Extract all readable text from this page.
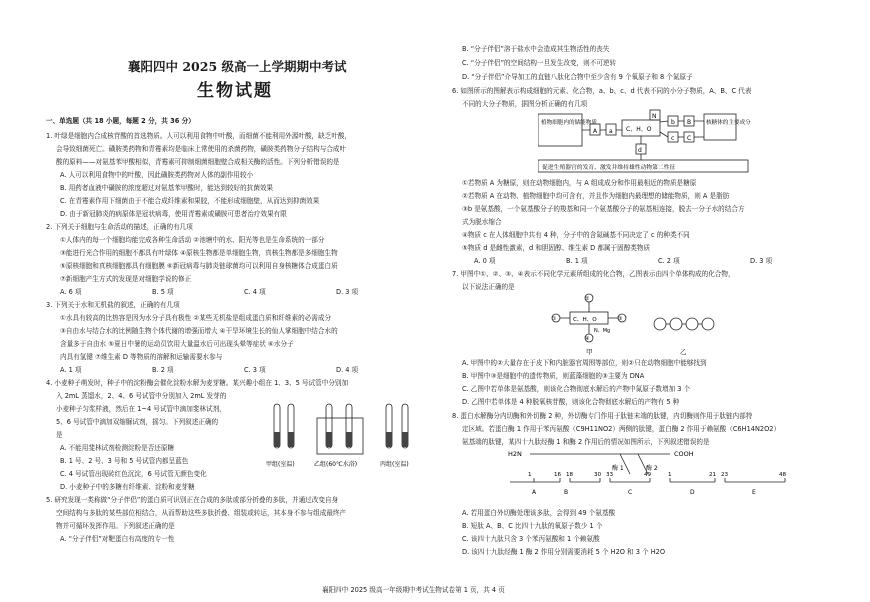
襄阳四中 2025 级高一上学期期中考试
生物试题
一、单选题（共 18 小题，每题 2 分，共 36 分）
1. 叶绿是细胞内合成核苷酸的首选物质。人可以利用食物中叶酸，而细菌不能利用外源叶酸，缺乏叶酸，
会导致细菌死亡。磺胺类药物和青霉素均是临床上常使用的杀菌药物，磺胺类药物分子结构与合成叶
酸的原料——对氨基苯甲酸相似，青霉素可抑制细菌细胞壁合成相关酶的活性。下列分析错误的是
A. 人可以利用食物中的叶酸，因此磺胺类药物对人体的副作用较小
B. 用药者血液中磺胺的浓度超过对氨基苯甲酸时，能达到较好的抗菌效果
C. 在青霉素作用下细菌由于不能合成纤维素和果胶，不能形成细胞壁，从而达到抑菌效果
D. 由于新冠肺炎的病原体是冠状病毒，使用青霉素或磺胺可患者治疗效果有限
2. 下列关于细胞与生命活动的描述，正确的有几项
①人体内的每一个细胞均能完成各种生命活动 ②池塘中的水、阳光等也是生命系统的一部分
③能进行光合作用的细胞不都具有叶绿体 ④原核生物都是单细胞生物，真核生物都是多细胞生物
⑤原核细胞和真核细胞都具有细胞膜 ⑥新冠病毒与肺炎链球菌均可以利用自身核糖体合成蛋白质
⑦新细胞产生方式的发现是对细胞学说的修正
A. 6 项	B. 5 项	C. 4 项	D. 3 项
3. 下列关于水和无机盐的叙述，正确的有几项
①水具有较高的比热容是因为水分子具有极性 ②某些无机盐是组成蛋白质和纤维素的必需成分
③自由水与结合水的比例随生物个体代谢的增强而增大 ④干旱环境生长的仙人掌细胞中结合水的
含量多于自由水 ⑤夏日中暑的运动员饮用大量温水后可出现头晕等症状 ⑥水分子
内具有氢键 ⑦维生素 D 等物质的溶解和运输需要水参与
A. 1 项	B. 2 项	C. 3 项	D. 4 项
4. 小麦种子萌发时，种子中的淀粉酶会催化淀粉水解为麦芽糖。某兴趣小组在 1、3、5 号试管中分别加
入 2mL 蒸馏水，2、4、6 号试管中分别加入 2mL 发芽的
小麦种子匀浆样液，然后在 1~4 号试管中滴加斐林试剂，
5、6 号试管中滴加双缩脲试剂，摇匀。下列叙述正确的
是
A. 不能用斐林试剂检测淀粉是否还原糖
B. 1 号、2 号、3 号和 5 号试管内都呈蓝色
C. 4 号试管出现砖红色沉淀，6 号试管无颜色变化
D. 小麦种子中的多糖有纤维素、淀粉和麦芽糖
甲组(室温)	乙组(60℃水浴)	丙组(室温)
5. 研究发现一类称做“分子伴侣”的蛋白质可识别正在合成的多肽或部分折叠的多肽，并通过改变自身
空间结构与多肽的某些部位相结合，从而帮助这些多肽折叠、组装或转运，其本身不参与组成最终产
物并可循环发挥作用。下列叙述正确的是
A. “分子伴侣”对靶蛋白有高度的专一性
B. “分子伴侣”溶于盐水中会造成其生物活性的丧失
C. “分子伴侣”的空间结构一旦发生改变，则不可逆转
D. “分子伴侣”介导加工的直链八肽化合物中至少含有 9 个氧原子和 8 个氮原子
6. 如图所示的图解表示构成细胞的元素、化合物，a、b、c、d 代表不同的小分子物质，A、B、C 代表
不同的大分子物质，据图分析正确的有几项
植物细胞内的储能物质
A a C、H、O
N
b B
c C
d
核糖体的主要成分
促进生殖器官的发育、激发并维持雄性动物第二性征
①若物质 A 为糖原，则在动物细胞内，与 A 组成成分和作用最相近的物质是糖原
②若物质 A 在动物、植物细胞中均可含有，并且作为细胞内最理想的储能物质，则 A 是脂肪
③b 是氨基酸，一个氨基酸分子的羧基和同一个氨基酸分子的氨基相连接，脱去一分子水的结合方
式为脱水缩合
④物质 c 在人体细胞中共有 4 种，分子中的含氮碱基不同决定了 c 的种类不同
⑤物质 d 是雌性激素，d 和胆固醇、维生素 D 都属于固醇类物质
A. 0 项	B. 1 项	C. 2 项	D. 3 项
7. 甲图中①、②、③、④表示不同化学元素所组成的化合物，乙图表示由四个单体构成的化合物，
以下说法正确的是
②
①	③
④
C、H、O
N、Mg
甲	乙
A. 甲图中的②大量存在于皮下和内脏器官周围等部位，则②只在动物细胞中能够找到
B. 甲图中③是细胞中的遗传物质，则蓝藻细胞的③主要为 DNA
C. 乙图中若单体是氨基酸，则该化合物彻底水解后的产物中氮原子数增加 3 个
D. 乙图中若单体是 4 种脱氧核苷酸，则该化合物彻底水解后的产物有 5 种
8. 蛋白水解酶分内切酶和外切酶 2 种，外切酶专门作用于肽链末端的肽键，内切酶则作用于肽链内部特
定区域。若蛋白酶 1 作用于苯丙氨酸（C9H11NO2）两侧的肽键，蛋白酶 2 作用于赖氨酸（C6H14N2O2）
氨基端的肽键，某四十九肽经酶 1 和酶 2 作用后的情况如图所示，下列叙述错误的是
H2N	COOH
酶 1	酶 2
1	16 18	30 33	49	1	21 23	48
A	B	C	D	E
A. 若用蛋白外切酶处理该多肽，会得到 49 个氨基酸
B. 短肽 A、B、C 比四十九肽的氧原子数少 1 个
C. 该四十九肽只含 3 个苯丙氨酸和 1 个赖氨酸
D. 该四十九肽经酶 1 酶 2 作用分别需要消耗 5 个 H2O 和 3 个 H2O
襄阳四中 2025 级高一年级期中考试生物试卷第 1 页，共 4 页
